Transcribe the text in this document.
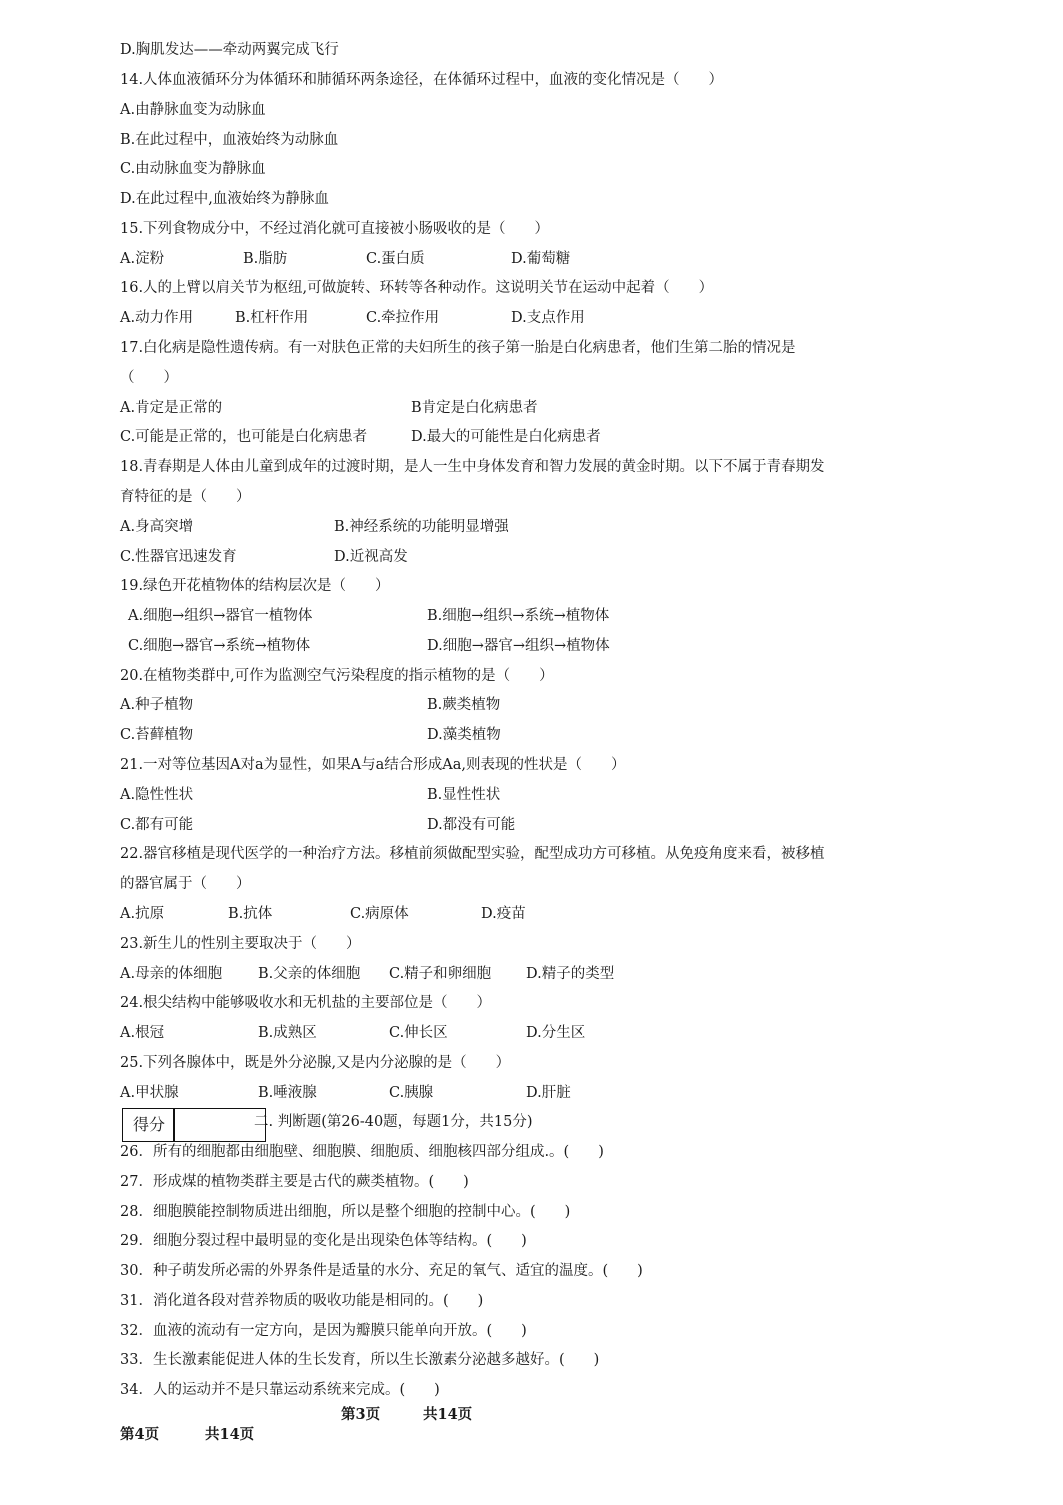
D.胸肌发达——牵动两翼完成飞行
14.人体血液循环分为体循环和肺循环两条途径，在体循环过程中，血液的变化情况是（　　）
A.由静脉血变为动脉血
B.在此过程中，血液始终为动脉血
C.由动脉血变为静脉血
D.在此过程中,血液始终为静脉血
15.下列食物成分中，不经过消化就可直接被小肠吸收的是（　　）
A.淀粉	B.脂肪	C.蛋白质	D.葡萄糖
16.人的上臂以肩关节为枢纽,可做旋转、环转等各种动作。这说明关节在运动中起着（　　）
A.动力作用	B.杠杆作用	C.牵拉作用	D.支点作用
17.白化病是隐性遗传病。有一对肤色正常的夫妇所生的孩子第一胎是白化病患者，他们生第二胎的情况是
（　　）
A.肯定是正常的	B肯定是白化病患者
C.可能是正常的，也可能是白化病患者	D.最大的可能性是白化病患者
18.青春期是人体由儿童到成年的过渡时期，是人一生中身体发育和智力发展的黄金时期。以下不属于青春期发
育特征的是（　　）
A.身高突增	B.神经系统的功能明显增强
C.性器官迅速发育	D.近视高发
19.绿色开花植物体的结构层次是（　　）
A.细胞→组织→器官一植物体	B.细胞→组织→系统→植物体
C.细胞→器官→系统→植物体	D.细胞→器官→组织→植物体
20.在植物类群中,可作为监测空气污染程度的指示植物的是（　　）
A.种子植物	B.蕨类植物
C.苔藓植物	D.藻类植物
21.一对等位基因A对a为显性，如果A与a结合形成Aa,则表现的性状是（　　）
A.隐性性状	B.显性性状
C.都有可能	D.都没有可能
22.器官移植是现代医学的一种治疗方法。移植前须做配型实验，配型成功方可移植。从免疫角度来看，被移植
的器官属于（　　）
A.抗原	B.抗体	C.病原体	D.疫苗
23.新生儿的性别主要取决于（　　）
A.母亲的体细胞 B.父亲的体细胞 C.精子和卵细胞 D.精子的类型
24.根尖结构中能够吸收水和无机盐的主要部位是（　　）
A.根冠	B.成熟区	C.伸长区	D.分生区
25.下列各腺体中，既是外分泌腺,又是内分泌腺的是（　　）
A.甲状腺	B.唾液腺	C.胰腺	D.肝脏
得分	二. 判断题(第26-40题，每题1分，共15分)
26．所有的细胞都由细胞壁、细胞膜、细胞质、细胞核四部分组成.。(　　)
27．形成煤的植物类群主要是古代的蕨类植物。(　　)
28．细胞膜能控制物质进出细胞，所以是整个细胞的控制中心。(　　)
29．细胞分裂过程中最明显的变化是出现染色体等结构。(　　)
30．种子萌发所必需的外界条件是适量的水分、充足的氧气、适宜的温度。(　　)
31．消化道各段对营养物质的吸收功能是相同的。(　　)
32．血液的流动有一定方向，是因为瓣膜只能单向开放。(　　)
33．生长激素能促进人体的生长发育，所以生长激素分泌越多越好。(　　)
34．人的运动并不是只靠运动系统来完成。(　　)
第3页	共14页
第4页	共14页
